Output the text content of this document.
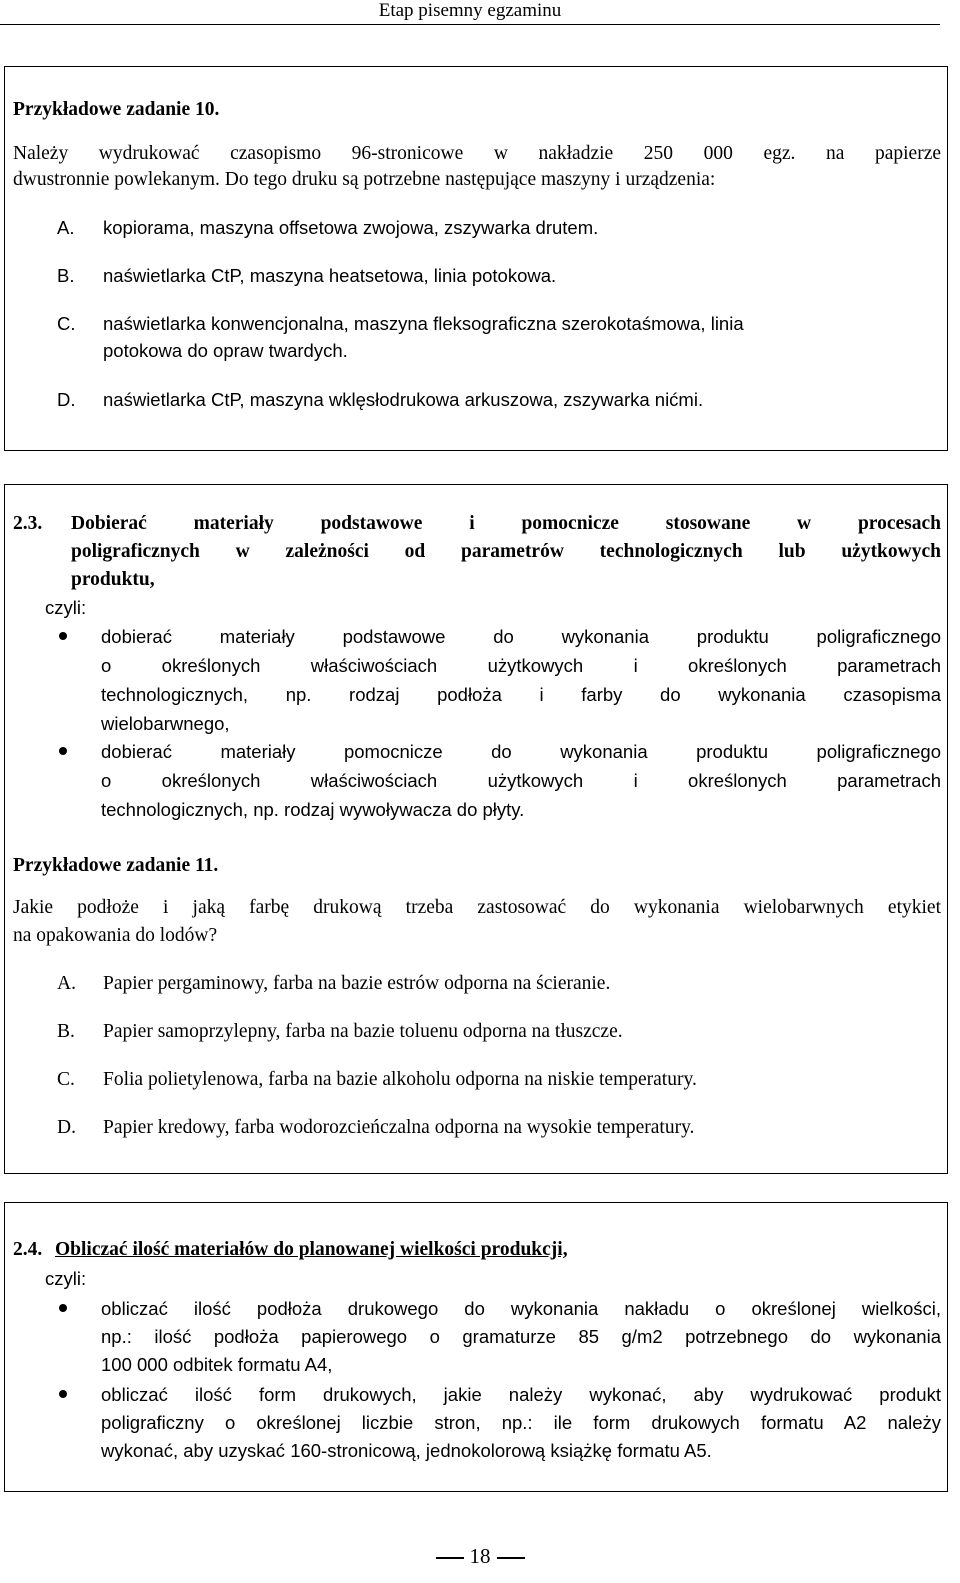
Etap pisemny egzaminu
Przykładowe zadanie 10.
Należy wydrukować czasopismo 96-stronicowe w nakładzie 250 000 egz. na papierze
dwustronnie powlekanym. Do tego druku są potrzebne następujące maszyny i urządzenia:
A.	kopiorama, maszyna offsetowa zwojowa, zszywarka drutem.
B.	naświetlarka CtP, maszyna heatsetowa, linia potokowa.
C.	naświetlarka konwencjonalna, maszyna fleksograficzna szerokotaśmowa, linia
potokowa do opraw twardych.
D.	naświetlarka CtP, maszyna wklęsłodrukowa arkuszowa, zszywarka nićmi.
2.3. Dobierać materiały podstawowe i pomocnicze stosowane w procesach
poligraficznych w zależności od parametrów technologicznych lub użytkowych
produktu,
czyli:
dobierać materiały podstawowe do wykonania produktu poligraficznego
o określonych właściwościach użytkowych i określonych parametrach
technologicznych, np. rodzaj podłoża i farby do wykonania czasopisma
wielobarwnego,
dobierać materiały pomocnicze do wykonania produktu poligraficznego
o określonych właściwościach użytkowych i określonych parametrach
technologicznych, np. rodzaj wywoływacza do płyty.
Przykładowe zadanie 11.
Jakie podłoże i jaką farbę drukową trzeba zastosować do wykonania wielobarwnych etykiet
na opakowania do lodów?
A.	Papier pergaminowy, farba na bazie estrów odporna na ścieranie.
B.	Papier samoprzylepny, farba na bazie toluenu odporna na tłuszcze.
C.	Folia polietylenowa, farba na bazie alkoholu odporna na niskie temperatury.
D.	Papier kredowy, farba wodorozcieńczalna odporna na wysokie temperatury.
2.4. Obliczać ilość materiałów do planowanej wielkości produkcji,
czyli:
obliczać ilość podłoża drukowego do wykonania nakładu o określonej wielkości,
np.: ilość podłoża papierowego o gramaturze 85 g/m2 potrzebnego do wykonania
100 000 odbitek formatu A4,
obliczać ilość form drukowych, jakie należy wykonać, aby wydrukować produkt
poligraficzny o określonej liczbie stron, np.: ile form drukowych formatu A2 należy
wykonać, aby uzyskać 160-stronicową, jednokolorową książkę formatu A5.
18
